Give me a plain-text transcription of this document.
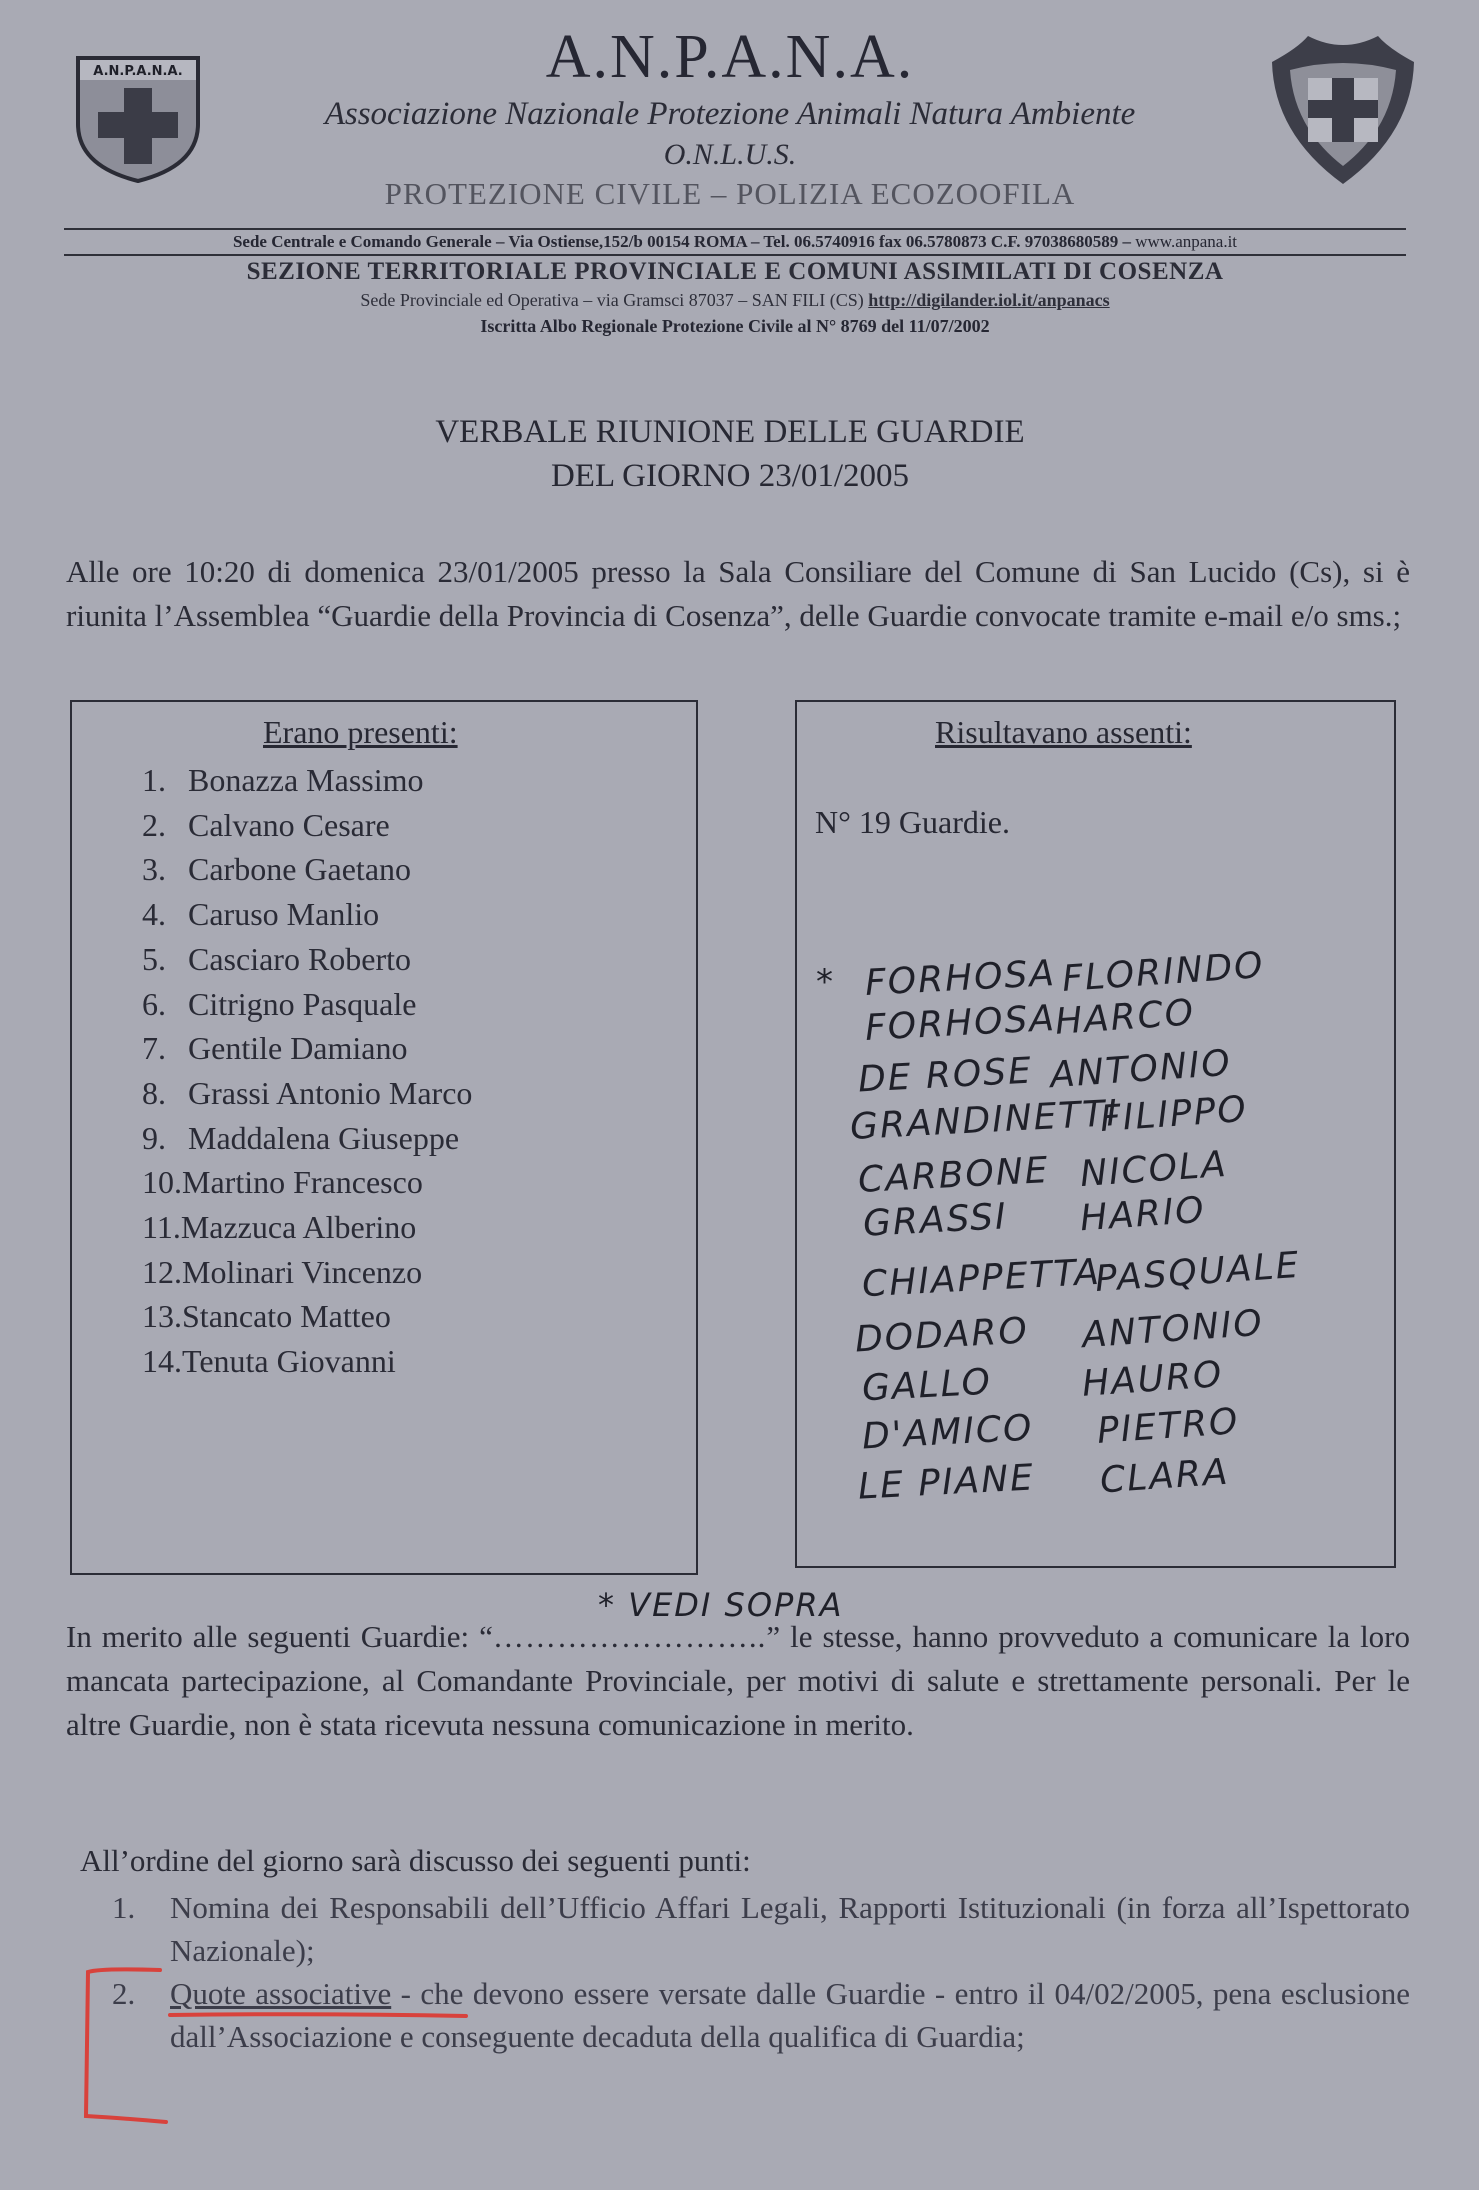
A.N.P.A.N.A.	A.N.P.A.N.A.
Associazione Nazionale Protezione Animali Natura Ambiente
O.N.L.U.S.
PROTEZIONE CIVILE – POLIZIA ECOZOOFILA
Sede Centrale e Comando Generale – Via Ostiense,152/b 00154 ROMA – Tel. 06.5740916 fax 06.5780873 C.F. 97038680589 – www.anpana.it
SEZIONE TERRITORIALE PROVINCIALE E COMUNI ASSIMILATI DI COSENZA
Sede Provinciale ed Operativa – via Gramsci 87037 – SAN FILI (CS) http://digilander.iol.it/anpanacs
Iscritta Albo Regionale Protezione Civile al N° 8769 del 11/07/2002
VERBALE RIUNIONE DELLE GUARDIE
DEL GIORNO 23/01/2005
Alle ore 10:20 di domenica 23/01/2005 presso la Sala Consiliare del Comune di San Lucido (Cs), si è riunita l’Assemblea “Guardie della Provincia di Cosenza”, delle Guardie convocate tramite e-mail e/o sms.;
Erano presenti:
1. Bonazza Massimo
2. Calvano Cesare
3. Carbone Gaetano
4. Caruso Manlio
5. Casciaro Roberto
6. Citrigno Pasquale
7. Gentile Damiano
8. Grassi Antonio Marco
9. Maddalena Giuseppe
10.Martino Francesco
11.Mazzuca Alberino
12.Molinari Vincenzo
13.Stancato Matteo
14.Tenuta Giovanni
Risultavano assenti:
N° 19 Guardie.
* FORHOSA FLORINDO
FORHOSA
HARCO
DE ROSE ANTONIO
GRANDINETTI
FILIPPO
CARBONE NICOLA
GRASSI HARIO
CHIAPPETTA
PASQUALE
DODARO ANTONIO
GALLO HAURO
D'AMICO PIETRO
LE PIANE CLARA
* VEDI SOPRA
In merito alle seguenti Guardie: “……………………..” le stesse, hanno provveduto a comunicare la loro mancata partecipazione, al Comandante Provinciale, per motivi di salute e strettamente personali. Per le altre Guardie, non è stata ricevuta nessuna comunicazione in merito.
All’ordine del giorno sarà discusso dei seguenti punti:
1. Nomina dei Responsabili dell’Ufficio Affari Legali, Rapporti Istituzionali (in forza all’Ispettorato Nazionale);
2. Quote associative - che devono essere versate dalle Guardie - entro il 04/02/2005, pena esclusione dall’Associazione e conseguente decaduta della qualifica di Guardia;
